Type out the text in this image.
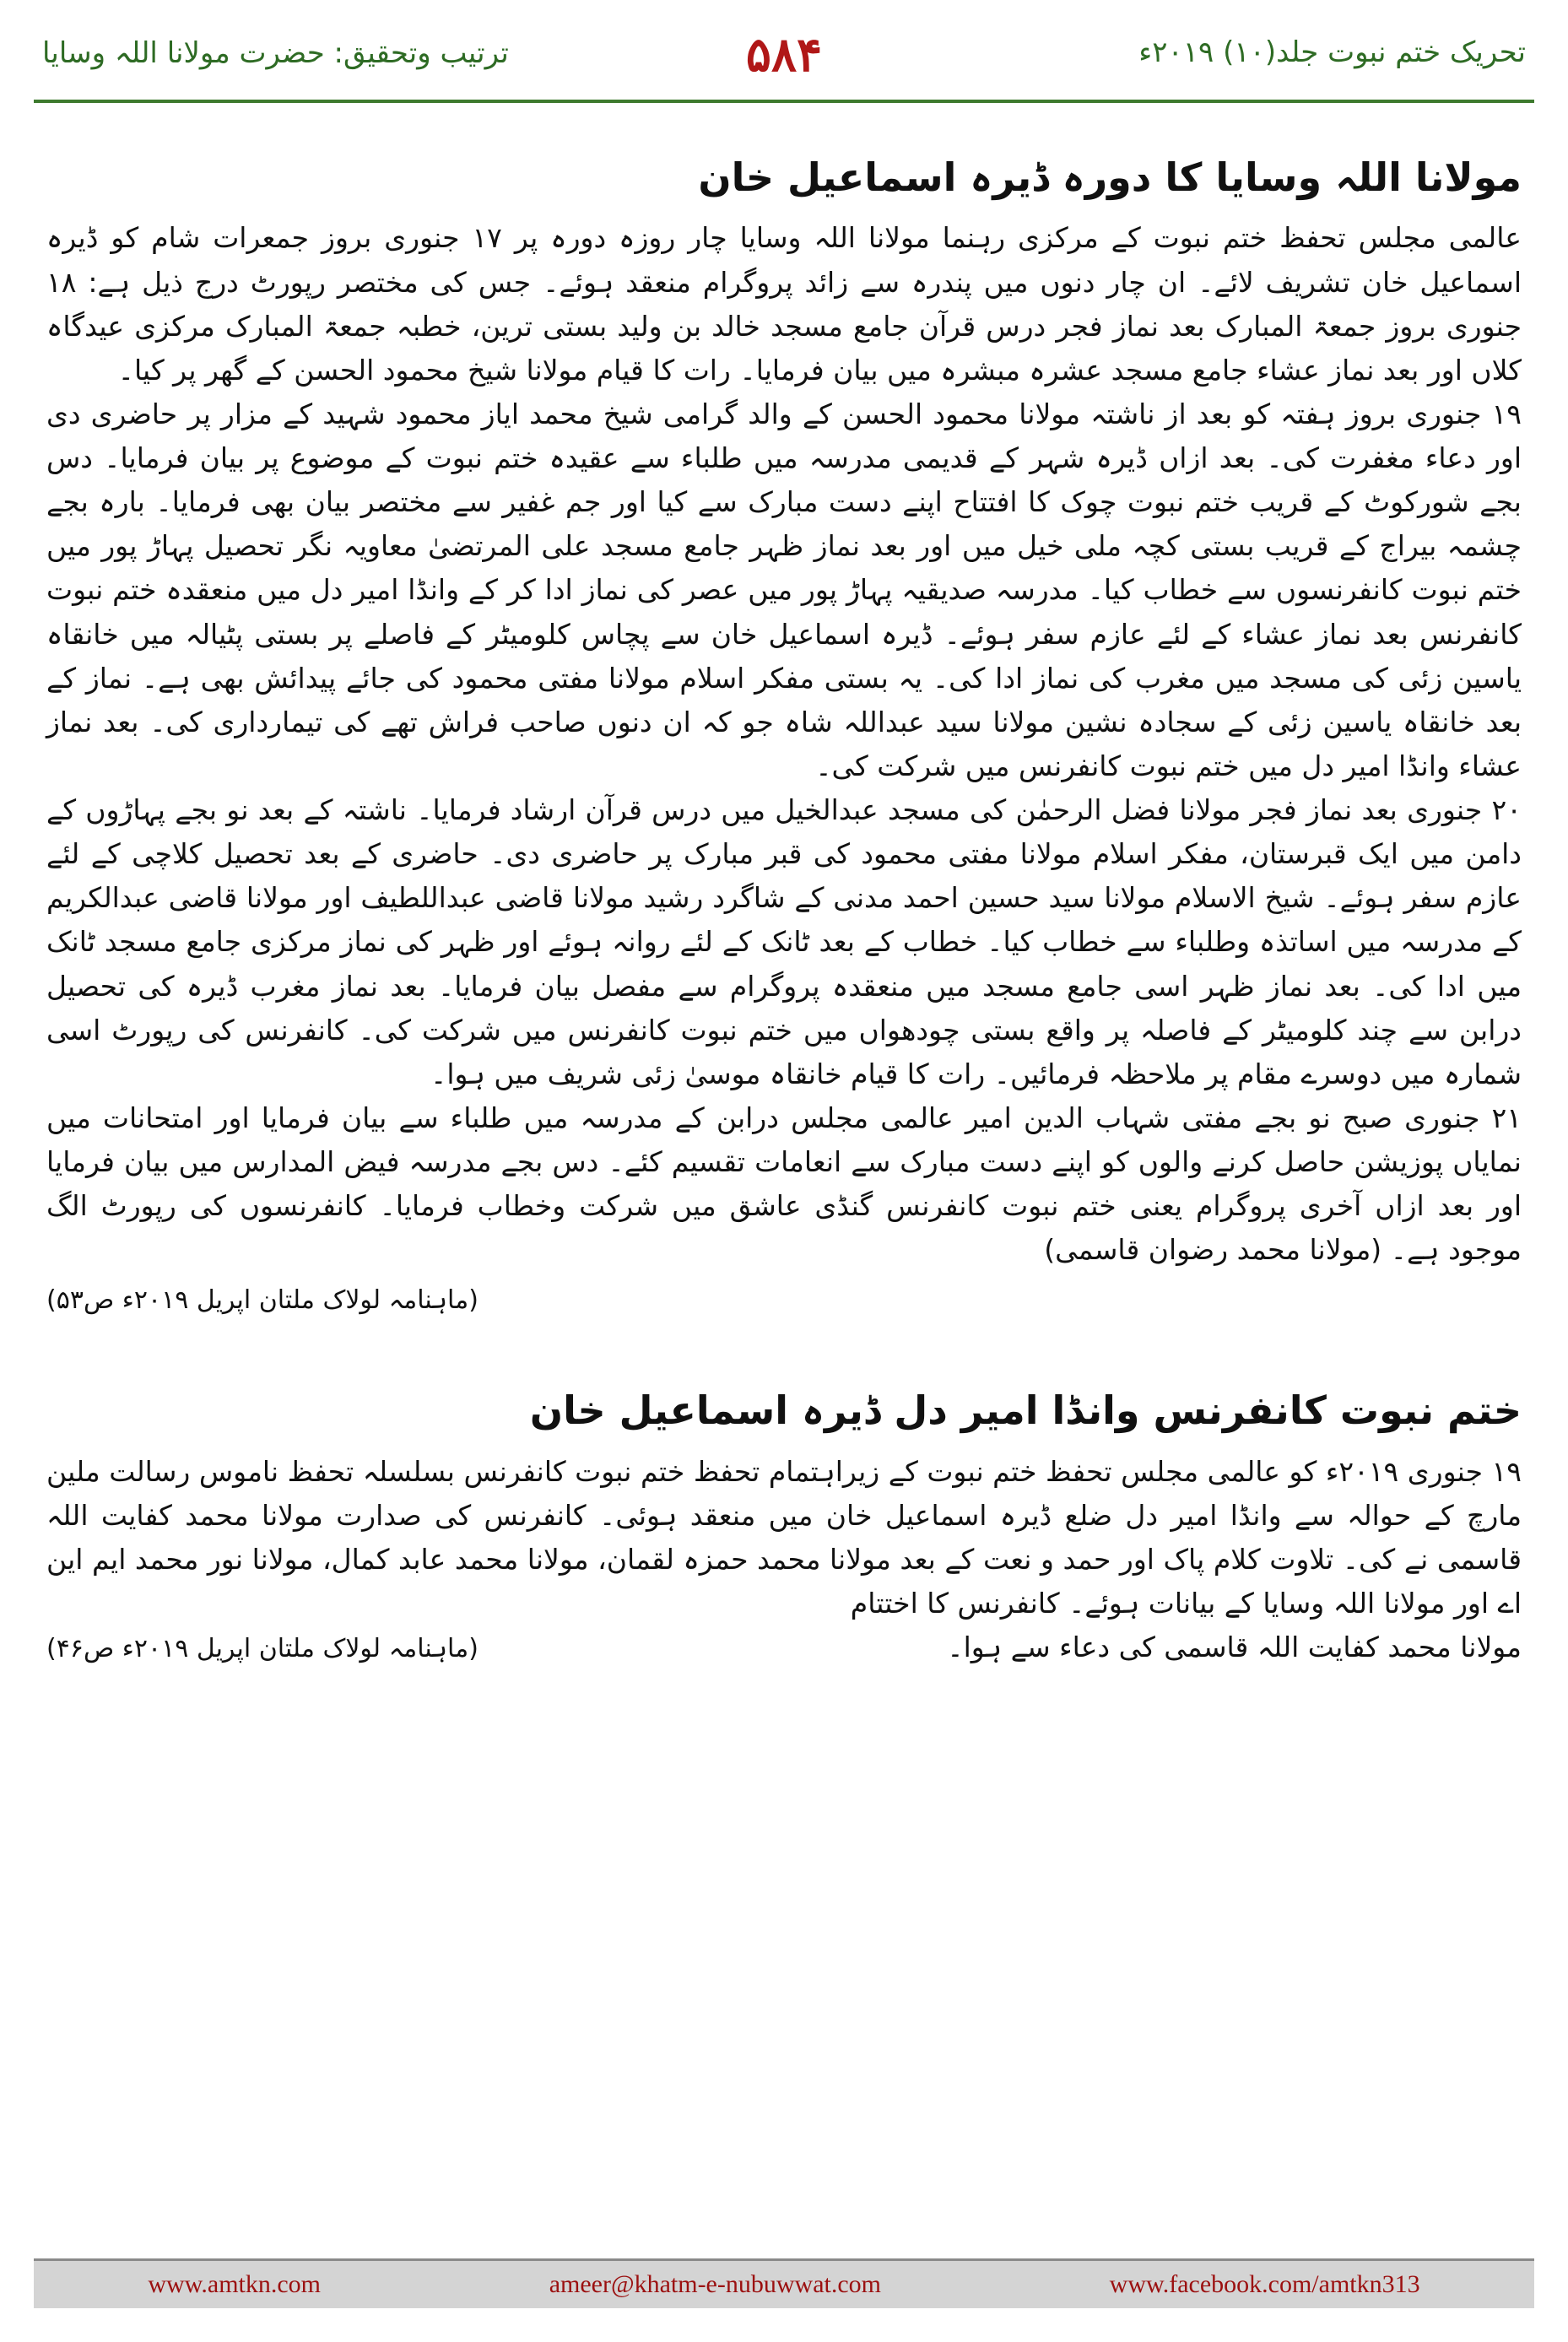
تحریک ختم نبوت جلد(۱۰) ۲۰۱۹ء
۵۸۴
ترتیب وتحقیق: حضرت مولانا اللہ وسایا
مولانا اللہ وسایا کا دورہ ڈیرہ اسماعیل خان

عالمی مجلس تحفظ ختم نبوت کے مرکزی رہنما مولانا اللہ وسایا چار روزہ دورہ پر ۱۷ جنوری بروز جمعرات شام کو ڈیرہ اسماعیل خان تشریف لائے۔ ان چار دنوں میں پندرہ سے زائد پروگرام منعقد ہوئے۔ جس کی مختصر رپورٹ درج ذیل ہے: ۱۸ جنوری بروز جمعۃ المبارک بعد نماز فجر درس قرآن جامع مسجد خالد بن ولید بستی ترین، خطبہ جمعۃ المبارک مرکزی عیدگاہ کلاں اور بعد نماز عشاء جامع مسجد عشرہ مبشرہ میں بیان فرمایا۔ رات کا قیام مولانا شیخ محمود الحسن کے گھر پر کیا۔

۱۹ جنوری بروز ہفتہ کو بعد از ناشتہ مولانا محمود الحسن کے والد گرامی شیخ محمد ایاز محمود شہید کے مزار پر حاضری دی اور دعاء مغفرت کی۔ بعد ازاں ڈیرہ شہر کے قدیمی مدرسہ میں طلباء سے عقیدہ ختم نبوت کے موضوع پر بیان فرمایا۔ دس بجے شورکوٹ کے قریب ختم نبوت چوک کا افتتاح اپنے دست مبارک سے کیا اور جم غفیر سے مختصر بیان بھی فرمایا۔ بارہ بجے چشمہ بیراج کے قریب بستی کچہ ملی خیل میں اور بعد نماز ظہر جامع مسجد علی المرتضیٰ معاویہ نگر تحصیل پہاڑ پور میں ختم نبوت کانفرنسوں سے خطاب کیا۔ مدرسہ صدیقیہ پہاڑ پور میں عصر کی نماز ادا کر کے وانڈا امیر دل میں منعقدہ ختم نبوت کانفرنس بعد نماز عشاء کے لئے عازم سفر ہوئے۔ ڈیرہ اسماعیل خان سے پچاس کلومیٹر کے فاصلے پر بستی پٹیالہ میں خانقاہ یاسین زئی کی مسجد میں مغرب کی نماز ادا کی۔ یہ بستی مفکر اسلام مولانا مفتی محمود کی جائے پیدائش بھی ہے۔ نماز کے بعد خانقاہ یاسین زئی کے سجادہ نشین مولانا سید عبداللہ شاہ جو کہ ان دنوں صاحب فراش تھے کی تیمارداری کی۔ بعد نماز عشاء وانڈا امیر دل میں ختم نبوت کانفرنس میں شرکت کی۔

۲۰ جنوری بعد نماز فجر مولانا فضل الرحمٰن کی مسجد عبدالخیل میں درس قرآن ارشاد فرمایا۔ ناشتہ کے بعد نو بجے پہاڑوں کے دامن میں ایک قبرستان، مفکر اسلام مولانا مفتی محمود کی قبر مبارک پر حاضری دی۔ حاضری کے بعد تحصیل کلاچی کے لئے عازم سفر ہوئے۔ شیخ الاسلام مولانا سید حسین احمد مدنی کے شاگرد رشید مولانا قاضی عبداللطیف اور مولانا قاضی عبدالکریم کے مدرسہ میں اساتذہ وطلباء سے خطاب کیا۔ خطاب کے بعد ٹانک کے لئے روانہ ہوئے اور ظہر کی نماز مرکزی جامع مسجد ٹانک میں ادا کی۔ بعد نماز ظہر اسی جامع مسجد میں منعقدہ پروگرام سے مفصل بیان فرمایا۔ بعد نماز مغرب ڈیرہ کی تحصیل درابن سے چند کلومیٹر کے فاصلہ پر واقع بستی چودھواں میں ختم نبوت کانفرنس میں شرکت کی۔ کانفرنس کی رپورٹ اسی شمارہ میں دوسرے مقام پر ملاحظہ فرمائیں۔ رات کا قیام خانقاہ موسیٰ زئی شریف میں ہوا۔

۲۱ جنوری صبح نو بجے مفتی شہاب الدین امیر عالمی مجلس درابن کے مدرسہ میں طلباء سے بیان فرمایا اور امتحانات میں نمایاں پوزیشن حاصل کرنے والوں کو اپنے دست مبارک سے انعامات تقسیم کئے۔ دس بجے مدرسہ فیض المدارس میں بیان فرمایا اور بعد ازاں آخری پروگرام یعنی ختم نبوت کانفرنس گنڈی عاشق میں شرکت وخطاب فرمایا۔ کانفرنسوں کی رپورٹ الگ موجود ہے۔ (مولانا محمد رضوان قاسمی)

(ماہنامہ لولاک ملتان اپریل ۲۰۱۹ء ص۵۳)
ختم نبوت کانفرنس وانڈا امیر دل ڈیرہ اسماعیل خان

۱۹ جنوری ۲۰۱۹ء کو عالمی مجلس تحفظ ختم نبوت کے زیراہتمام تحفظ ختم نبوت کانفرنس بسلسلہ تحفظ ناموس رسالت ملین مارچ کے حوالہ سے وانڈا امیر دل ضلع ڈیرہ اسماعیل خان میں منعقد ہوئی۔ کانفرنس کی صدارت مولانا محمد کفایت اللہ قاسمی نے کی۔ تلاوت کلام پاک اور حمد و نعت کے بعد مولانا محمد حمزہ لقمان، مولانا محمد عابد کمال، مولانا نور محمد ایم این اے اور مولانا اللہ وسایا کے بیانات ہوئے۔ کانفرنس کا اختتام

مولانا محمد کفایت اللہ قاسمی کی دعاء سے ہوا۔
(ماہنامہ لولاک ملتان اپریل ۲۰۱۹ء ص۴۶)
www.amtkn.com	ameer@khatm-e-nubuwwat.com	www.facebook.com/amtkn313
